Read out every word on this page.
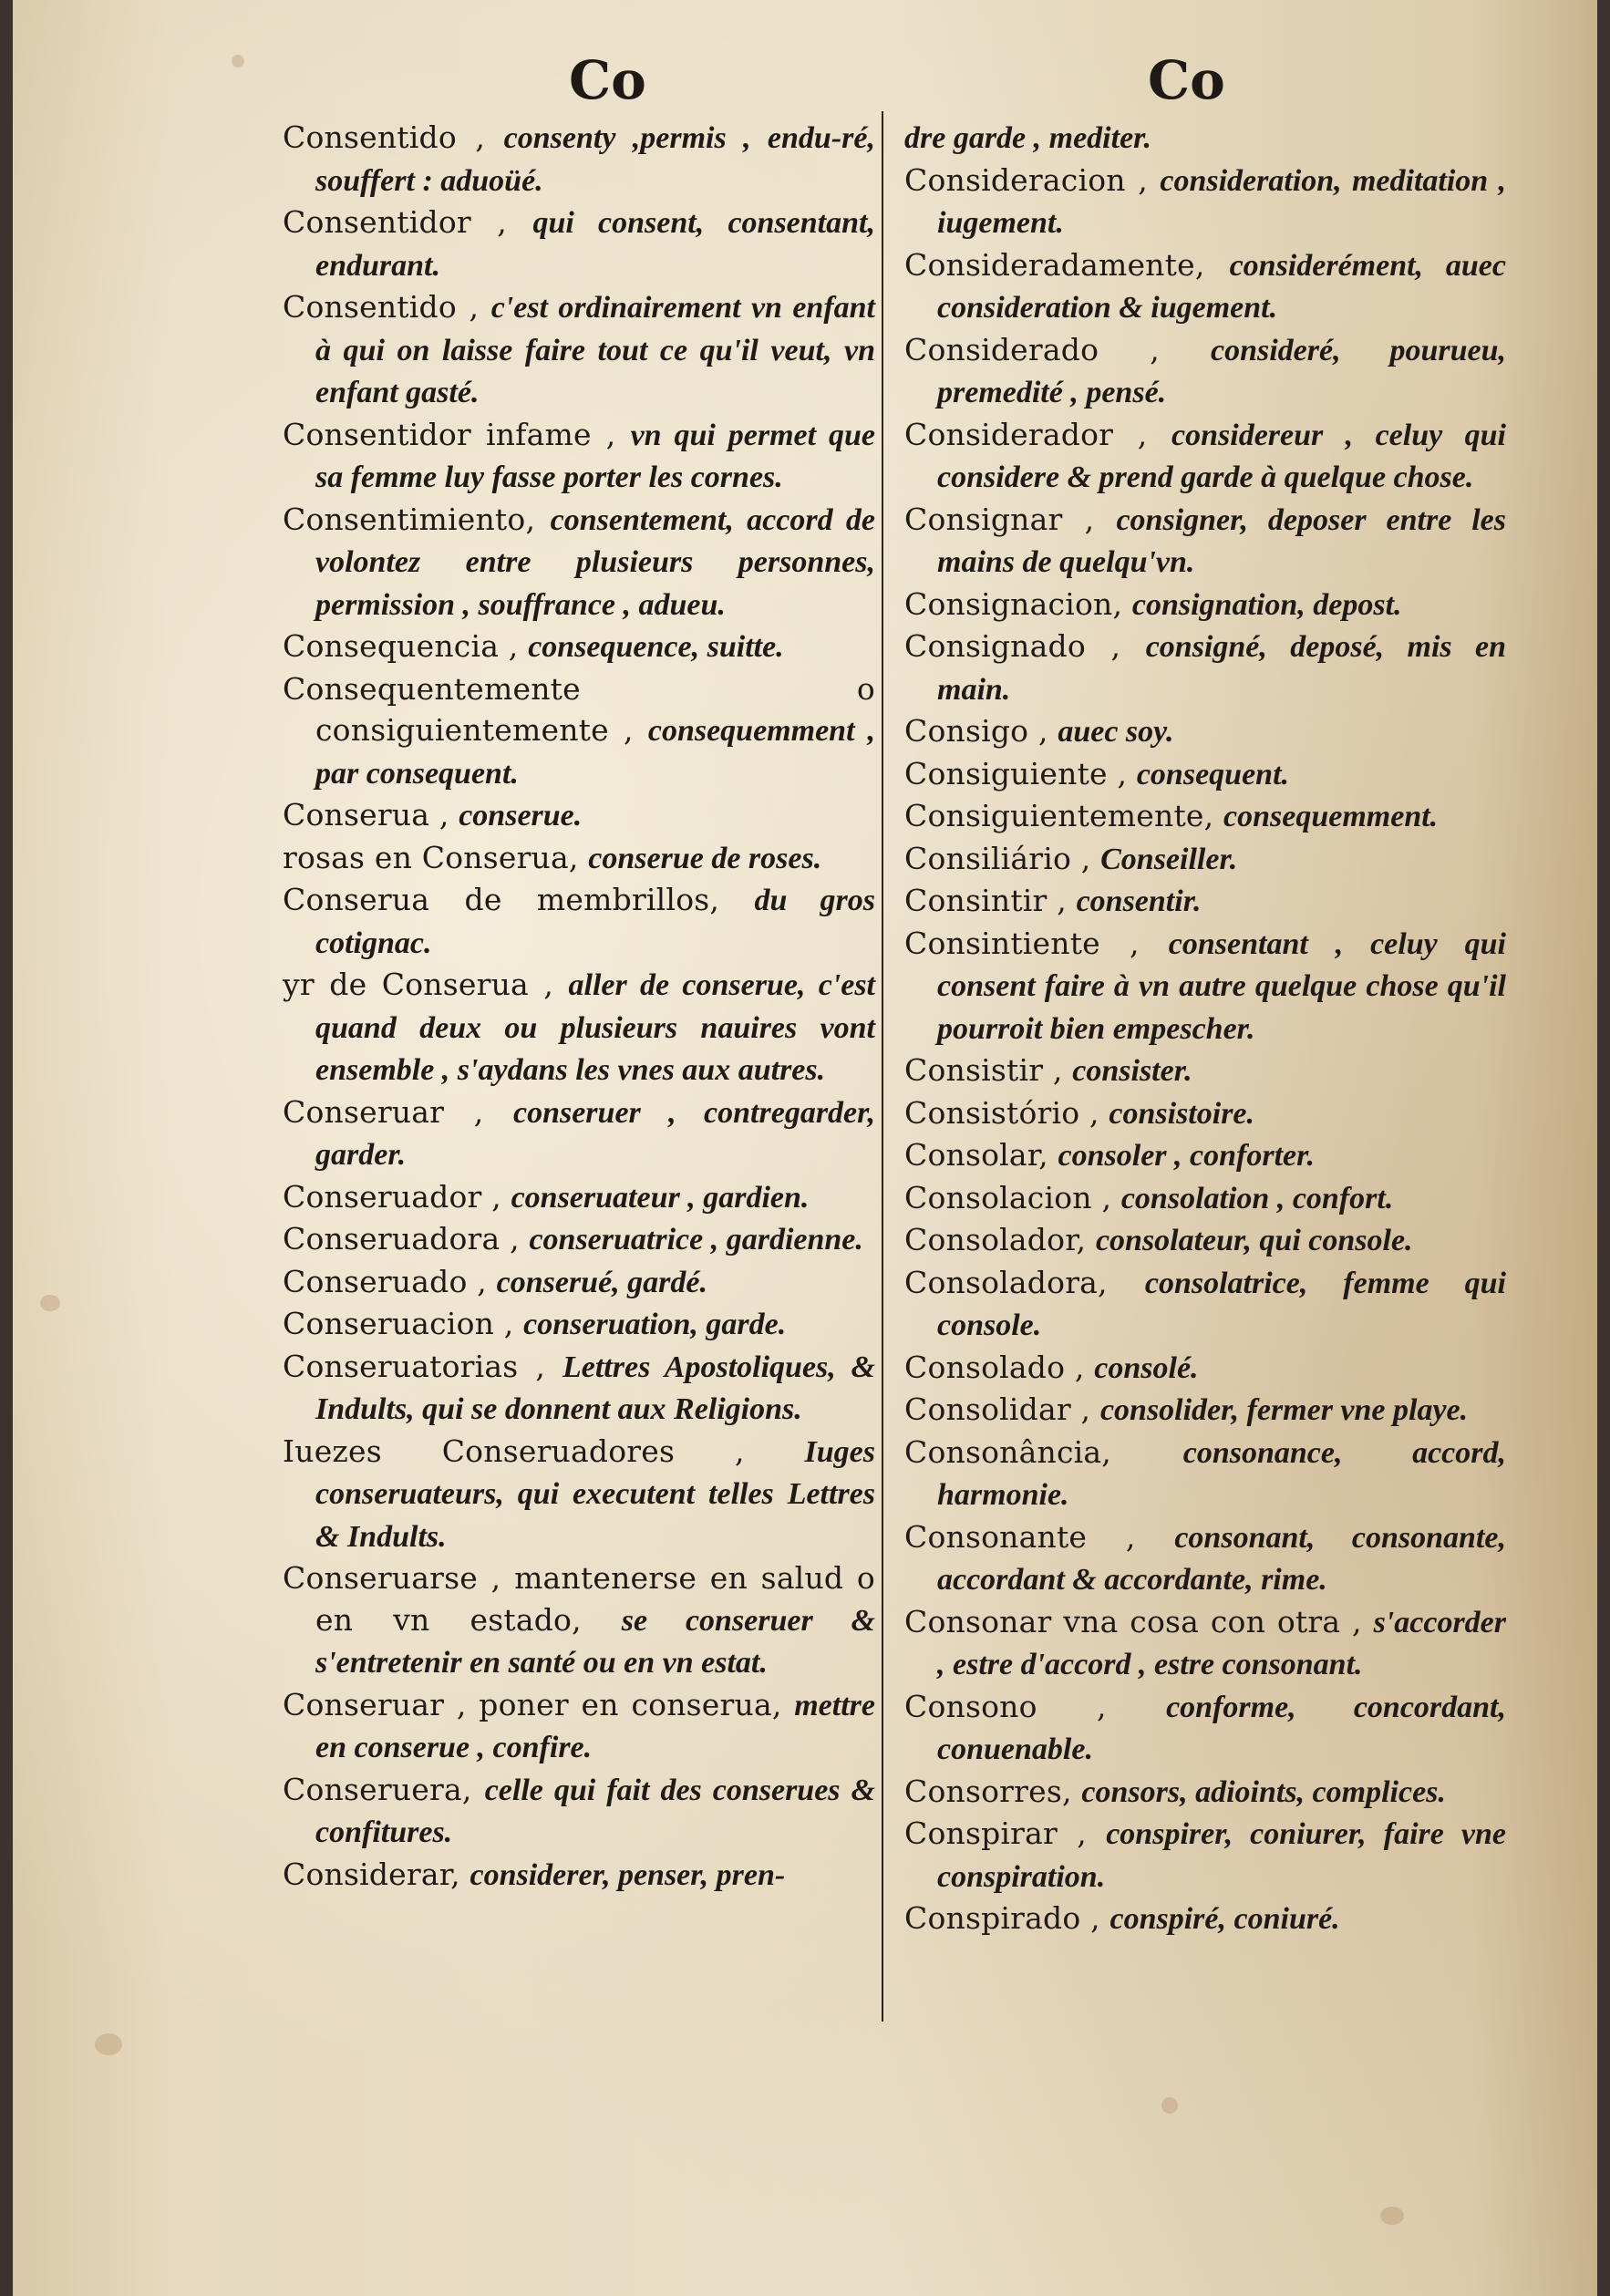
Co	Co
Consentido , consenty ,permis , endu-ré, souffert : aduoüé.
Consentidor , qui consent, consentant, endurant.
Consentido , c'est ordinairement vn enfant à qui on laisse faire tout ce qu'il veut, vn enfant gasté.
Consentidor infame , vn qui permet que sa femme luy fasse porter les cornes.
Consentimiento, consentement, accord de volontez entre plusieurs personnes, permission , souffrance , adueu.
Consequencia , consequence, suitte.
Consequentemente o consiguientemente , consequemment , par consequent.
Conserua , conserue.
rosas en Conserua, conserue de roses.
Conserua de membrillos, du gros cotignac.
yr de Conserua , aller de conserue, c'est quand deux ou plusieurs nauires vont ensemble , s'aydans les vnes aux autres.
Conseruar , conseruer , contregarder, garder.
Conseruador , conseruateur , gardien.
Conseruadora , conseruatrice , gardienne.
Conseruado , conserué, gardé.
Conseruacion , conseruation, garde.
Conseruatorias , Lettres Apostoliques, & Indults, qui se donnent aux Religions.
Iuezes Conseruadores , Iuges conseruateurs, qui executent telles Lettres & Indults.
Conseruarse , mantenerse en salud o en vn estado, se conseruer & s'entretenir en santé ou en vn estat.
Conseruar , poner en conserua, mettre en conserue , confire.
Conseruera, celle qui fait des conserues & confitures.
Considerar, considerer, penser, pren-
dre garde , mediter.
Consideracion , consideration, meditation , iugement.
Consideradamente, considerément, auec consideration & iugement.
Considerado , consideré, pourueu, premedité , pensé.
Considerador , considereur , celuy qui considere & prend garde à quelque chose.
Consignar , consigner, deposer entre les mains de quelqu'vn.
Consignacion, consignation, depost.
Consignado , consigné, deposé, mis en main.
Consigo , auec soy.
Consiguiente , consequent.
Consiguientemente, consequemment.
Consiliário , Conseiller.
Consintir , consentir.
Consintiente , consentant , celuy qui consent faire à vn autre quelque chose qu'il pourroit bien empescher.
Consistir , consister.
Consistório , consistoire.
Consolar, consoler , conforter.
Consolacion , consolation , confort.
Consolador, consolateur, qui console.
Consoladora, consolatrice, femme qui console.
Consolado , consolé.
Consolidar , consolider, fermer vne playe.
Consonância, consonance, accord, harmonie.
Consonante , consonant, consonante, accordant & accordante, rime.
Consonar vna cosa con otra , s'accorder , estre d'accord , estre consonant.
Consono , conforme, concordant, conuenable.
Consorres, consors, adioints, complices.
Conspirar , conspirer, coniurer, faire vne conspiration.
Conspirado , conspiré, coniuré.
